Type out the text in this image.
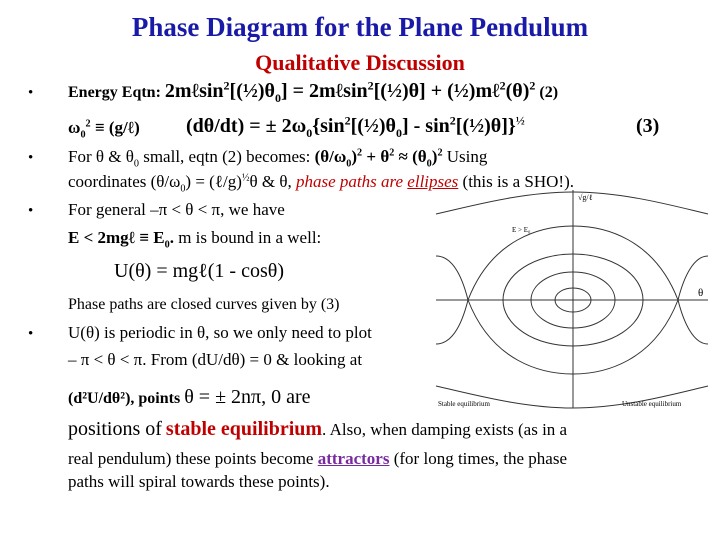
Phase Diagram for the Plane Pendulum
Qualitative Discussion
• Energy Eqtn: $2m\ell\sin^2[(\frac{1}{2})\theta_0]$ = 2mℓsin$^2$[(½)θ] + $(\frac{1}{2})m\ell^2(\theta)^2$ (2)
$\omega_0^2$ ≡ (g/ℓ) (dθ/dt) = ± $2\omega_0\{\sin^2[(\frac{1}{2})\theta_0]$ - $\sin^2[(\frac{1}{2})\theta]\}^{\frac{1}{2}}$	(3)
• For θ & $\theta_0$ small, eqtn (2) becomes: $(\theta/\omega_0)^2 + \theta^2 \approx (\theta_0)^2$ Using
coordinates $(\theta/\omega_0)$ = (ℓ/g)$^{\frac{1}{2}}$θ & θ, phase paths are ellipses (this is a SHO!).
• For general –π < θ < π, we have
E < 2mgℓ ≡ $E_0$. m is bound in a well:
U(θ) = mgℓ(1 - cosθ)
Phase paths are closed curves given by (3)
• U(θ) is periodic in θ, so we only need to plot
– π < θ < π. From (dU/dθ) = 0 & looking at
(d²U/dθ²), points θ = ± 2nπ, 0 are
positions of stable equilibrium. Also, when damping exists (as in a
real pendulum) these points become attractors (for long times, the phase
paths will spiral towards these points).
θ
√g/ℓ
E > E₀
Stable equilibrium	Unstable equilibrium
